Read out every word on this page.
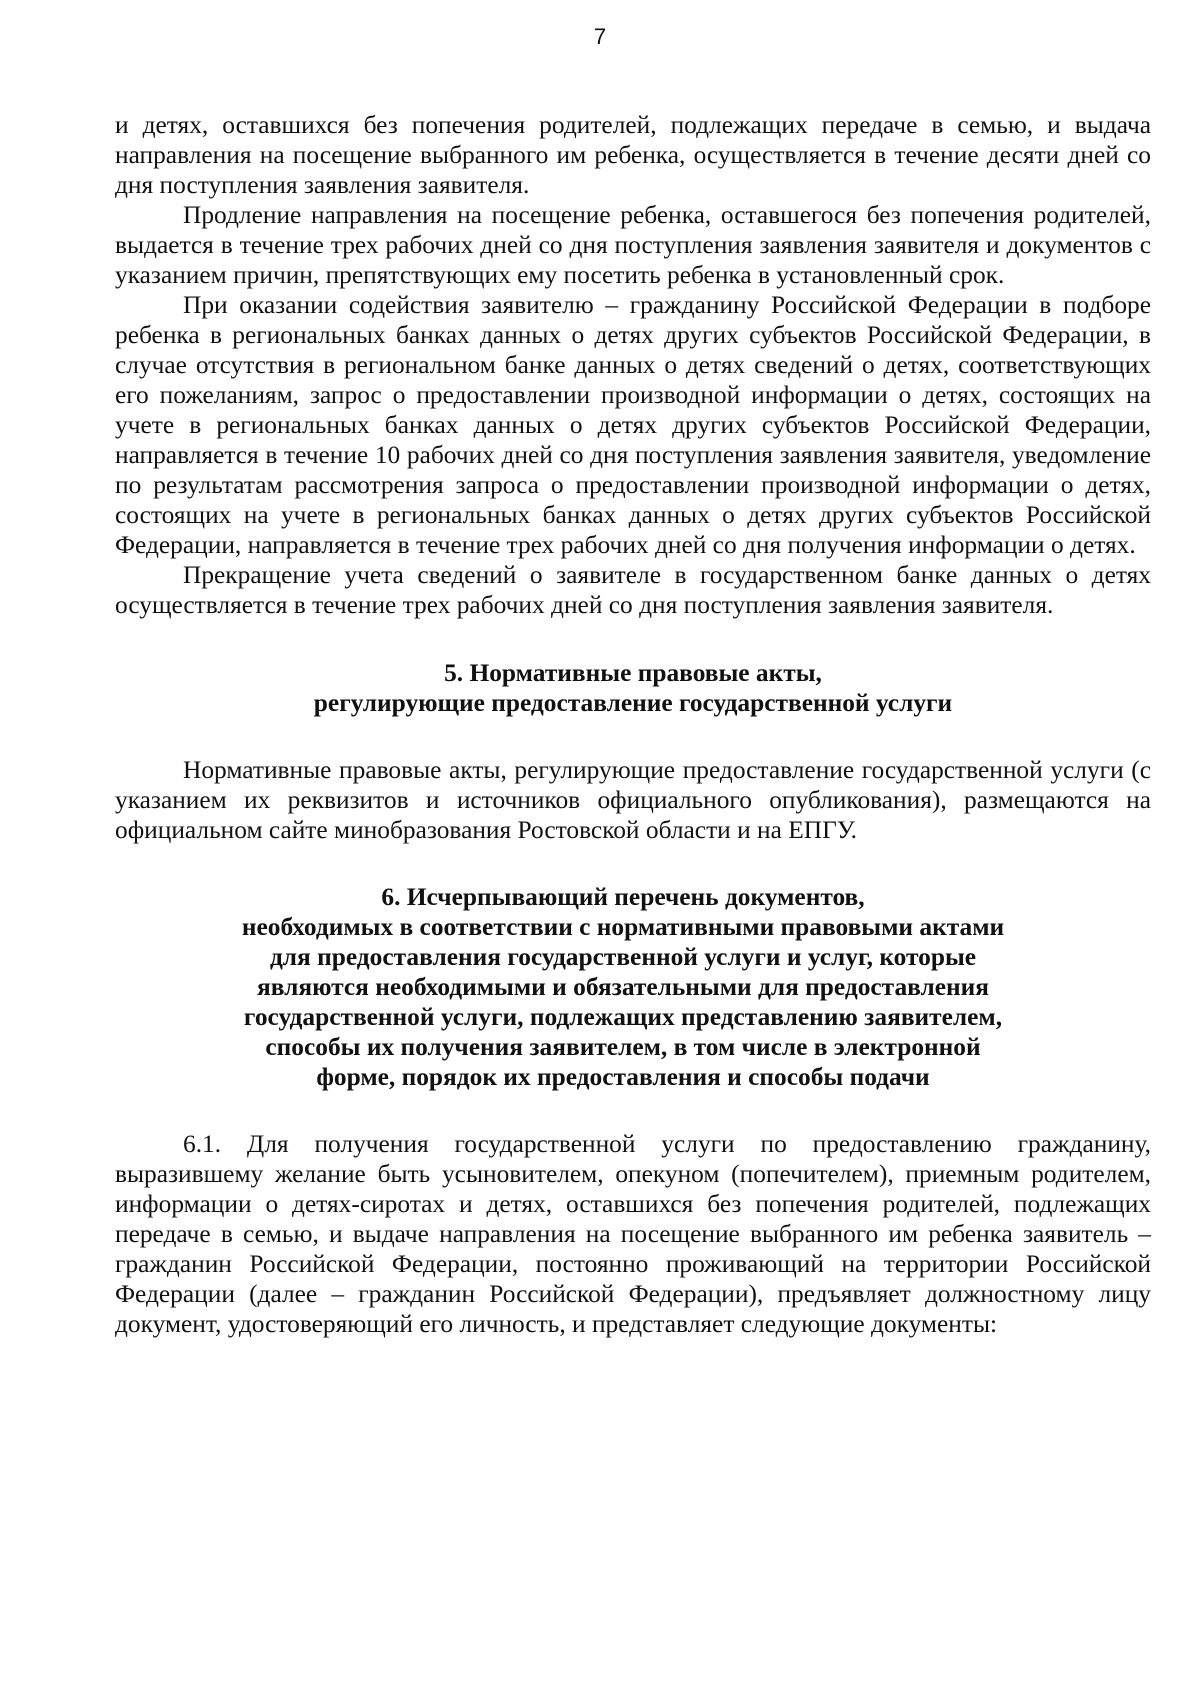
7

и детях, оставшихся без попечения родителей, подлежащих передаче в семью, и выдача направления на посещение выбранного им ребенка, осуществляется в течение десяти дней со дня поступления заявления заявителя.

Продление направления на посещение ребенка, оставшегося без попечения родителей, выдается в течение трех рабочих дней со дня поступления заявления заявителя и документов с указанием причин, препятствующих ему посетить ребенка в установленный срок.

При оказании содействия заявителю – гражданину Российской Федерации в подборе ребенка в региональных банках данных о детях других субъектов Российской Федерации, в случае отсутствия в региональном банке данных о детях сведений о детях, соответствующих его пожеланиям, запрос о предоставлении производной информации о детях, состоящих на учете в региональных банках данных о детях других субъектов Российской Федерации, направляется в течение 10 рабочих дней со дня поступления заявления заявителя, уведомление по результатам рассмотрения запроса о предоставлении производной информации о детях, состоящих на учете в региональных банках данных о детях других субъектов Российской Федерации, направляется в течение трех рабочих дней со дня получения информации о детях.

Прекращение учета сведений о заявителе в государственном банке данных о детях осуществляется в течение трех рабочих дней со дня поступления заявления заявителя.

5. Нормативные правовые акты,
регулирующие предоставление государственной услуги

Нормативные правовые акты, регулирующие предоставление государственной услуги (с указанием их реквизитов и источников официального опубликования), размещаются на официальном сайте минобразования Ростовской области и на ЕПГУ.

6. Исчерпывающий перечень документов,
необходимых в соответствии с нормативными правовыми актами
для предоставления государственной услуги и услуг, которые
являются необходимыми и обязательными для предоставления
государственной услуги, подлежащих представлению заявителем,
способы их получения заявителем, в том числе в электронной
форме, порядок их предоставления и способы подачи

6.1. Для получения государственной услуги по предоставлению гражданину, выразившему желание быть усыновителем, опекуном (попечителем), приемным родителем, информации о детях-сиротах и детях, оставшихся без попечения родителей, подлежащих передаче в семью, и выдаче направления на посещение выбранного им ребенка заявитель – гражданин Российской Федерации, постоянно проживающий на территории Российской Федерации (далее – гражданин Российской Федерации), предъявляет должностному лицу документ, удостоверяющий его личность, и представляет следующие документы:
